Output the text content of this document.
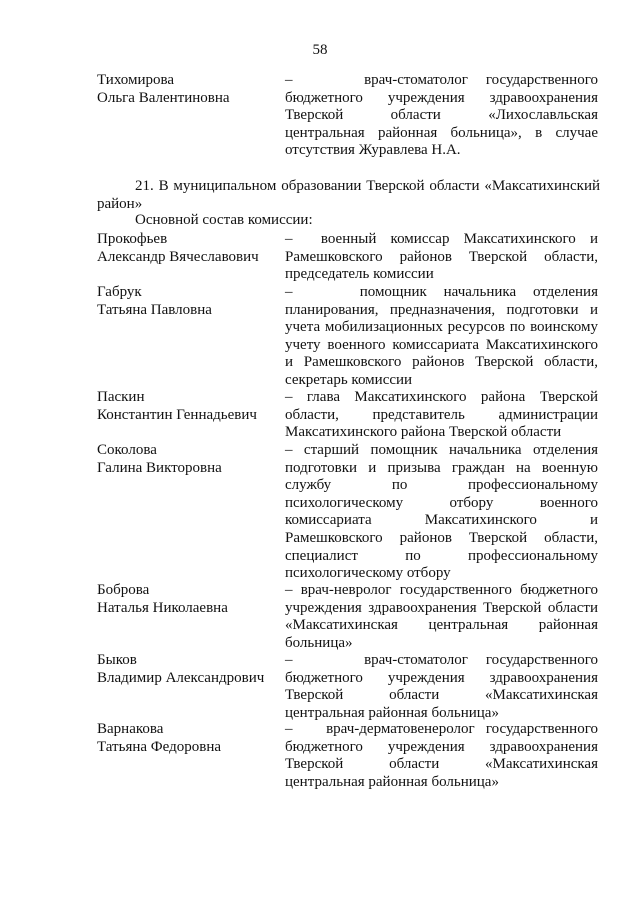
58
Тихомирова
Ольга Валентиновна
–    врач-стоматолог государственного
бюджетного учреждения здравоохранения
Тверской области «Лихославльская
центральная районная больница», в случае
отсутствия Журавлева Н.А.
21. В муниципальном образовании Тверской области «Максатихинский
район»
Основной состав комиссии:
Прокофьев
Александр Вячеславович
–  военный комиссар Максатихинского и
Рамешковского районов Тверской области,
председатель комиссии
Габрук
Татьяна Павловна
–    помощник начальника отделения
планирования, предназначения, подготовки и
учета мобилизационных ресурсов по воинскому
учету военного комиссариата Максатихинского
и Рамешковского районов Тверской области,
секретарь комиссии
Паскин
Константин Геннадьевич
– глава Максатихинского района Тверской
области, представитель администрации
Максатихинского района Тверской области
Соколова
Галина Викторовна
– старший помощник начальника отделения
подготовки и призыва граждан на военную
службу по профессиональному
психологическому отбору военного
комиссариата Максатихинского и
Рамешковского районов Тверской области,
специалист по профессиональному
психологическому отбору
Боброва
Наталья Николаевна
– врач-невролог государственного бюджетного
учреждения здравоохранения Тверской области
«Максатихинская центральная районная
больница»
Быков
Владимир Александрович
–    врач-стоматолог государственного
бюджетного учреждения здравоохранения
Тверской области «Максатихинская
центральная районная больница»
Варнакова
Татьяна Федоровна
–   врач-дерматовенеролог государственного
бюджетного учреждения здравоохранения
Тверской области «Максатихинская
центральная районная больница»
